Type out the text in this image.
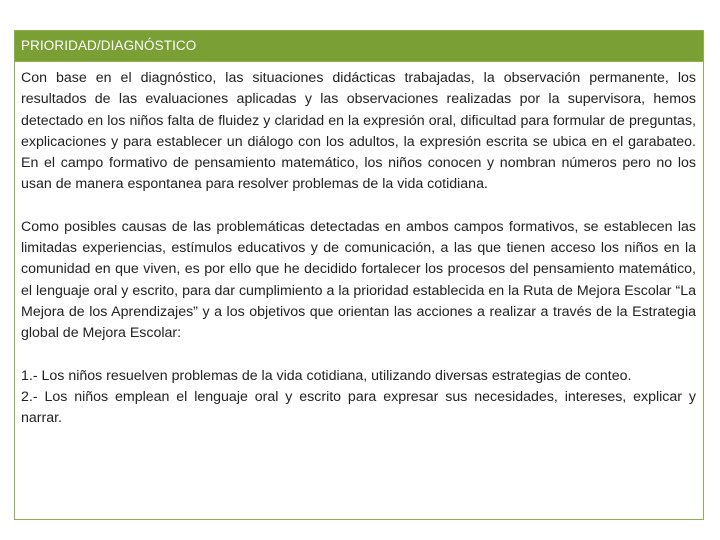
PRIORIDAD/DIAGNÓSTICO

Con base en el diagnóstico, las situaciones didácticas trabajadas, la observación permanente, los resultados de las evaluaciones aplicadas y las observaciones realizadas por la supervisora, hemos detectado en los niños falta de fluidez y claridad en la expresión oral, dificultad para formular de preguntas, explicaciones y para establecer un diálogo con los adultos, la expresión escrita se ubica en el garabateo. En el campo formativo de pensamiento matemático, los niños conocen y nombran números pero no los usan de manera espontanea para resolver problemas de la vida cotidiana.

Como posibles causas de las problemáticas detectadas en ambos campos formativos, se establecen las limitadas experiencias, estímulos educativos y de comunicación, a las que tienen acceso los niños en la comunidad en que viven, es por ello que he decidido fortalecer los procesos del pensamiento matemático, el lenguaje oral y escrito, para dar cumplimiento a la prioridad establecida en la Ruta de Mejora Escolar “La Mejora de los Aprendizajes” y a los objetivos que orientan las acciones a realizar a través de la Estrategia global de Mejora Escolar:

1.- Los niños resuelven problemas de la vida cotidiana, utilizando diversas estrategias de conteo.

2.- Los niños emplean el lenguaje oral y escrito para expresar sus necesidades, intereses, explicar y narrar.
